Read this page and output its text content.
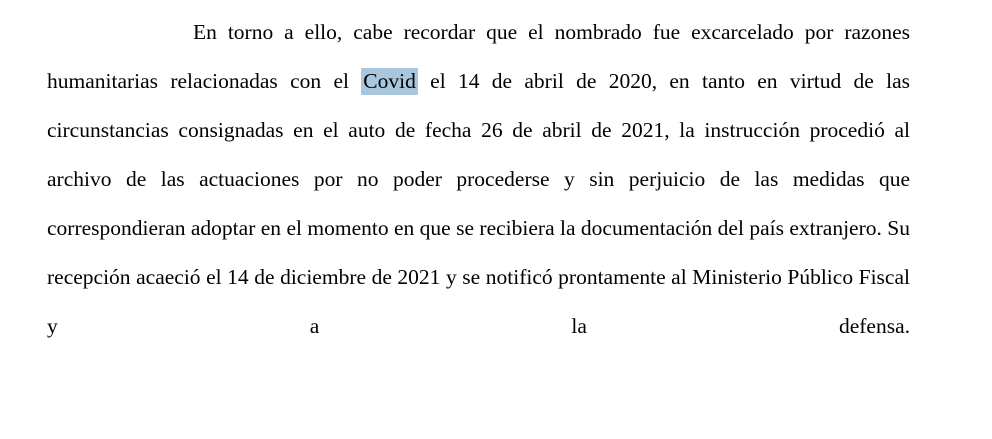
En torno a ello, cabe recordar que el nombrado fue excarcelado por razones humanitarias relacionadas con el Covid el 14 de abril de 2020, en tanto en virtud de las circunstancias consignadas en el auto de fecha 26 de abril de 2021, la instrucción procedió al archivo de las actuaciones por no poder procederse y sin perjuicio de las medidas que correspondieran adoptar en el momento en que se recibiera la documentación del país extranjero. Su recepción acaeció el 14 de diciembre de 2021 y se notificó prontamente al Ministerio Público Fiscal y a la defensa.
